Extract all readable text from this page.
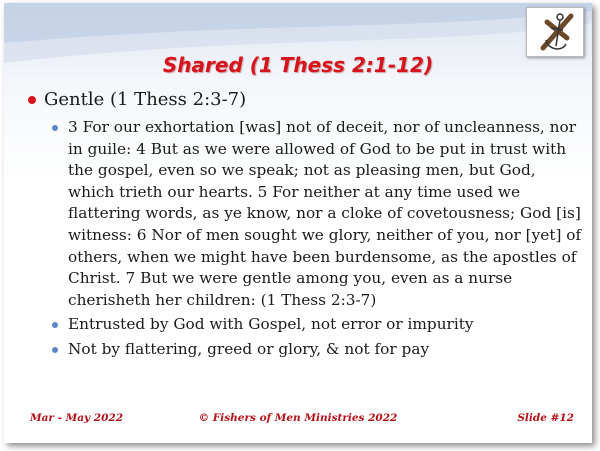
Shared (1 Thess 2:1-12)
Gentle (1 Thess 2:3-7)
3 For our exhortation [was] not of deceit, nor of uncleanness, nor in guile: 4 But as we were allowed of God to be put in trust with the gospel, even so we speak; not as pleasing men, but God, which trieth our hearts. 5 For neither at any time used we flattering words, as ye know, nor a cloke of covetousness; God [is] witness: 6 Nor of men sought we glory, neither of you, nor [yet] of others, when we might have been burdensome, as the apostles of Christ. 7 But we were gentle among you, even as a nurse cherisheth her children: (1 Thess 2:3-7)
Entrusted by God with Gospel, not error or impurity
Not by flattering, greed or glory, & not for pay
Mar - May 2022	© Fishers of Men Ministries 2022	Slide #12
